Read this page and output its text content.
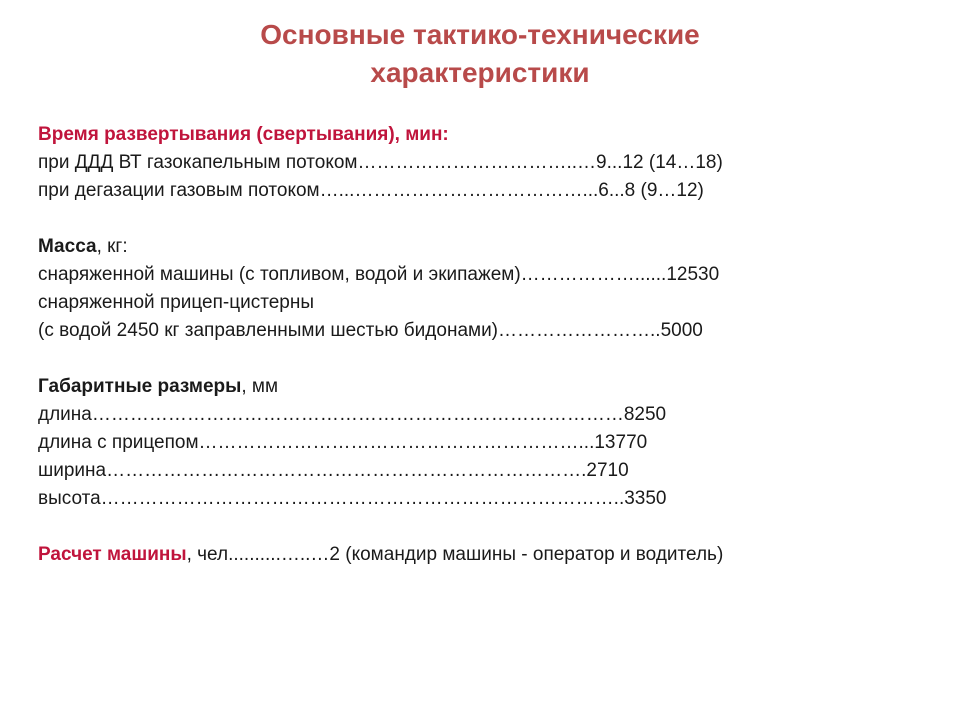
Основные тактико-технические
характеристики
Время развертывания (свертывания), мин:
при ДДД ВТ газокапельным потоком……………………………..…9...12 (14…18)
при дегазации газовым потоком…...………………………………...6...8 (9…12)
Масса, кг:
снаряженной машины (с топливом, водой и экипажем)………………......12530
снаряженной прицеп-цистерны
(с водой 2450 кг заправленными шестью бидонами)……………………..5000
Габаритные размеры, мм
длина…………………………………………………………………………8250
длина с прицепом……………………………………………………...13770
ширина………………………………………………………………….2710
высота………………………………………………………………………..3350
Расчет машины, чел..........…..…2 (командир машины - оператор и водитель)
